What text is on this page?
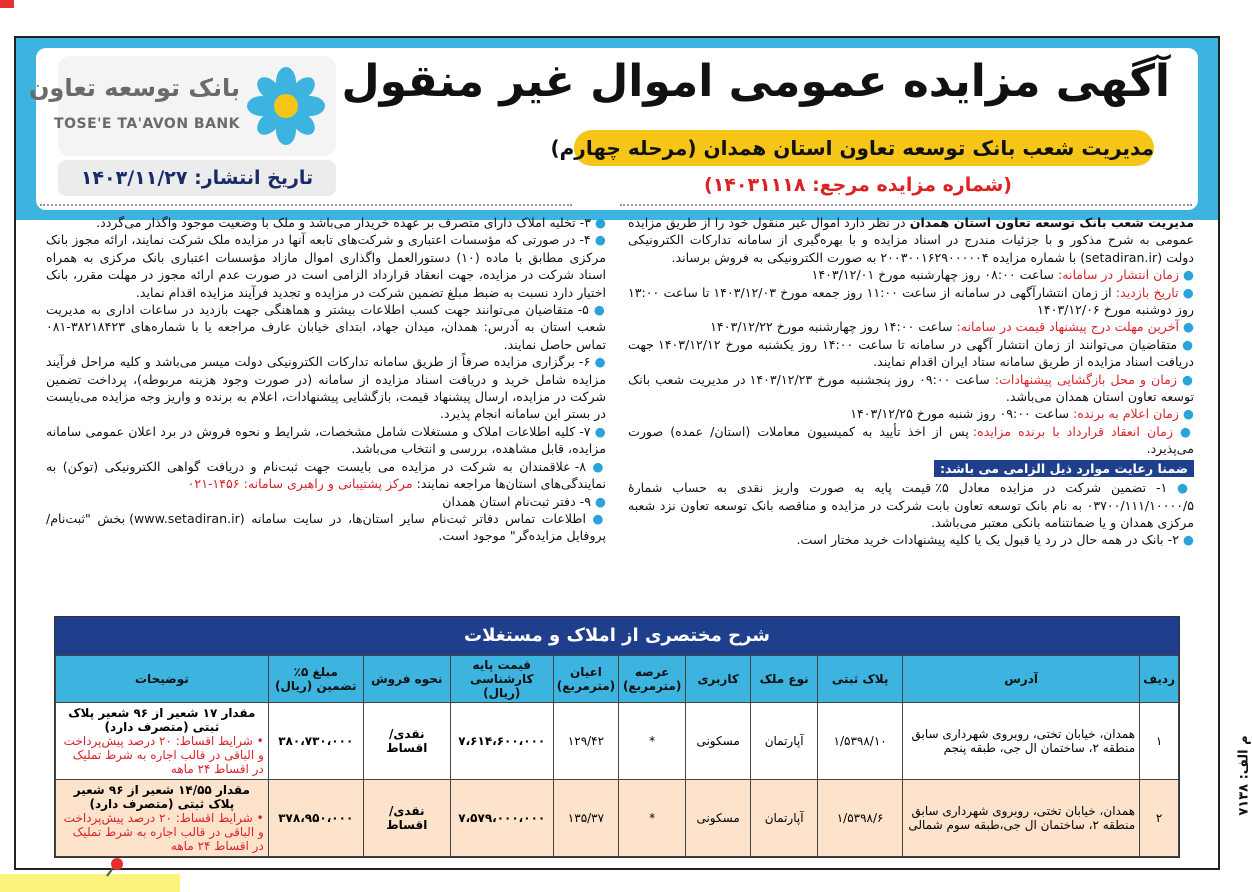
بانک توسعه تعاون
TOSE'E TA'AVON BANK
تاریخ انتشار: ۱۴۰۳/۱۱/۲۷
آگهی مزایده عمومی اموال غیر منقول
مدیریت شعب بانک توسعه تعاون استان همدان (مرحله چهارم)
(شماره مزایده مرجع: ۱۴۰۳۱۱۱۸)

مدیریت شعب بانک توسعه تعاون استان همدان در نظر دارد اموال غیر منقول خود را از طریق مزایده عمومی به شرح مذکور و با جزئیات مندرج در اسناد مزایده و با بهره‌گیری از سامانه تدارکات الکترونیکی دولت (setadiran.ir) با شماره مزایده ۲۰۰۳۰۰۱۶۲۹۰۰۰۰۰۴ به صورت الکترونیکی به فروش برساند.

● زمان انتشار در سامانه: ساعت ۰۸:۰۰ روز چهارشنبه مورخ ۱۴۰۳/۱۲/۰۱

● تاریخ بازدید: از زمان انتشارآگهی در سامانه از ساعت ۱۱:۰۰ روز جمعه مورخ ۱۴۰۳/۱۲/۰۳ تا ساعت ۱۳:۰۰ روز دوشنبه مورخ ۱۴۰۳/۱۲/۰۶

● آخرین مهلت درج پیشنهاد قیمت در سامانه: ساعت ۱۴:۰۰ روز چهارشنبه مورخ ۱۴۰۳/۱۲/۲۲

● متقاضیان می‌توانند از زمان انتشار آگهی در سامانه تا ساعت ۱۴:۰۰ روز یکشنبه مورخ ۱۴۰۳/۱۲/۱۲ جهت دریافت اسناد مزایده از طریق سامانه ستاد ایران اقدام نمایند.

● زمان و محل بازگشایی پیشنهادات: ساعت ۰۹:۰۰ روز پنجشنبه مورخ ۱۴۰۳/۱۲/۲۳ در مدیریت شعب بانک توسعه تعاون استان همدان می‌باشد.

● زمان اعلام به برنده: ساعت ۰۹:۰۰ روز شنبه مورخ ۱۴۰۳/۱۲/۲۵

● زمان انعقاد قرارداد با برنده مزایده: پس از اخذ تأیید به کمیسیون معاملات (استان/ عمده) صورت می‌پذیرد.

ضمنا رعایت موارد ذیل الزامی می باشد:

● ۱- تضمین شرکت در مزایده معادل ۵٪ قیمت پایه به صورت واریز نقدی به حساب شمارهٔ ۰۳۷۰۰/۱۱۱/۱۰۰۰۰/۵ به نام بانک توسعه تعاون بابت شرکت در مزایده و مناقصه بانک توسعه تعاون نزد شعبه مرکزی همدان و یا ضمانتنامه بانکی معتبر می‌باشد.

● ۲- بانک در همه حال در رد یا قبول یک یا کلیه پیشنهادات خرید مختار است.

● ۳- تخلیه املاک دارای متصرف بر عهده خریدار می‌باشد و ملک با وضعیت موجود واگذار می‌گردد.

● ۴- در صورتی که مؤسسات اعتباری و شرکت‌های تابعه آنها در مزایده ملک شرکت نمایند، ارائه مجوز بانک مرکزی مطابق با ماده (۱۰) دستورالعمل واگذاری اموال مازاد مؤسسات اعتباری بانک مرکزی به همراه اسناد شرکت در مزایده، جهت انعقاد قرارداد الزامی است در صورت عدم ارائه مجوز در مهلت مقرر، بانک اختیار دارد نسبت به ضبط مبلغ تضمین شرکت در مزایده و تجدید فرآیند مزایده اقدام نماید.

● ۵- متقاضیان می‌توانند جهت کسب اطلاعات بیشتر و هماهنگی جهت بازدید در ساعات اداری به مدیریت شعب استان به آدرس: همدان، میدان جهاد، ابتدای خیابان عارف مراجعه یا با شماره‌های ۳۸۲۱۸۴۲۳-۰۸۱ تماس حاصل نمایند.

● ۶- برگزاری مزایده صرفاً از طریق سامانه تدارکات الکترونیکی دولت میسر می‌باشد و کلیه مراحل فرآیند مزایده شامل خرید و دریافت اسناد مزایده از سامانه (در صورت وجود هزینه مربوطه)، پرداخت تضمین شرکت در مزایده، ارسال پیشنهاد قیمت، بازگشایی پیشنهادات، اعلام به برنده و واریز وجه مزایده می‌بایست در بستر این سامانه انجام پذیرد.

● ۷- کلیه اطلاعات املاک و مستغلات شامل مشخصات، شرایط و نحوه فروش در برد اعلان عمومی سامانه مزایده، قابل مشاهده، بررسی و انتخاب می‌باشد.

● ۸- علاقمندان به شرکت در مزایده می بایست جهت ثبت‌نام و دریافت گواهی الکترونیکی (توکن) به نمایندگی‌های استان‌ها مراجعه نمایند: مرکز پشتیبانی و راهبری سامانه: ۱۴۵۶-۰۲۱

● ۹- دفتر ثبت‌نام استان همدان

● اطلاعات تماس دفاتر ثبت‌نام سایر استان‌ها، در سایت سامانه (www.setadiran.ir) بخش "ثبت‌نام/ پروفایل مزایده‌گر" موجود است.

شرح مختصری از املاک و مستغلات
ردیف	آدرس	پلاک ثبتی	نوع ملک	کاربری	عرصه (مترمربع)	اعیان (مترمربع)	قیمت پایه کارشناسی (ریال)	نحوه فروش	مبلغ ۵٪ تضمین (ریال)	توضیحات
۱	همدان، خیابان تختی، روبروی شهرداری سابق منطقه ۲، ساختمان ال جی، طبقه پنجم	۱/۵۳۹۸/۱۰	آپارتمان	مسکونی	*	۱۲۹/۴۲	۷،۶۱۴،۶۰۰،۰۰۰	نقدی/ اقساط	۳۸۰،۷۳۰،۰۰۰	مقدار ۱۷ شعیر از ۹۶ شعیر پلاک ثبتی (متصرف دارد)
• شرایط اقساط: ۲۰ درصد پیش‌پرداخت و الباقی در قالب اجاره به شرط تملیک در اقساط ۲۴ ماهه

۲	همدان، خیابان تختی، روبروی شهرداری سابق منطقه ۲، ساختمان ال جی،طبقه سوم شمالی	۱/۵۳۹۸/۶	آپارتمان	مسکونی	*	۱۳۵/۳۷	۷،۵۷۹،۰۰۰،۰۰۰	نقدی/ اقساط	۳۷۸،۹۵۰،۰۰۰	مقدار ۱۴/۵۵ شعیر از ۹۶ شعیر پلاک ثبتی (متصرف دارد)
• شرایط اقساط: ۲۰ درصد پیش‌پرداخت و الباقی در قالب اجاره به شرط تملیک در اقساط ۲۴ ماهه
م الف: ۷۱۳۸
